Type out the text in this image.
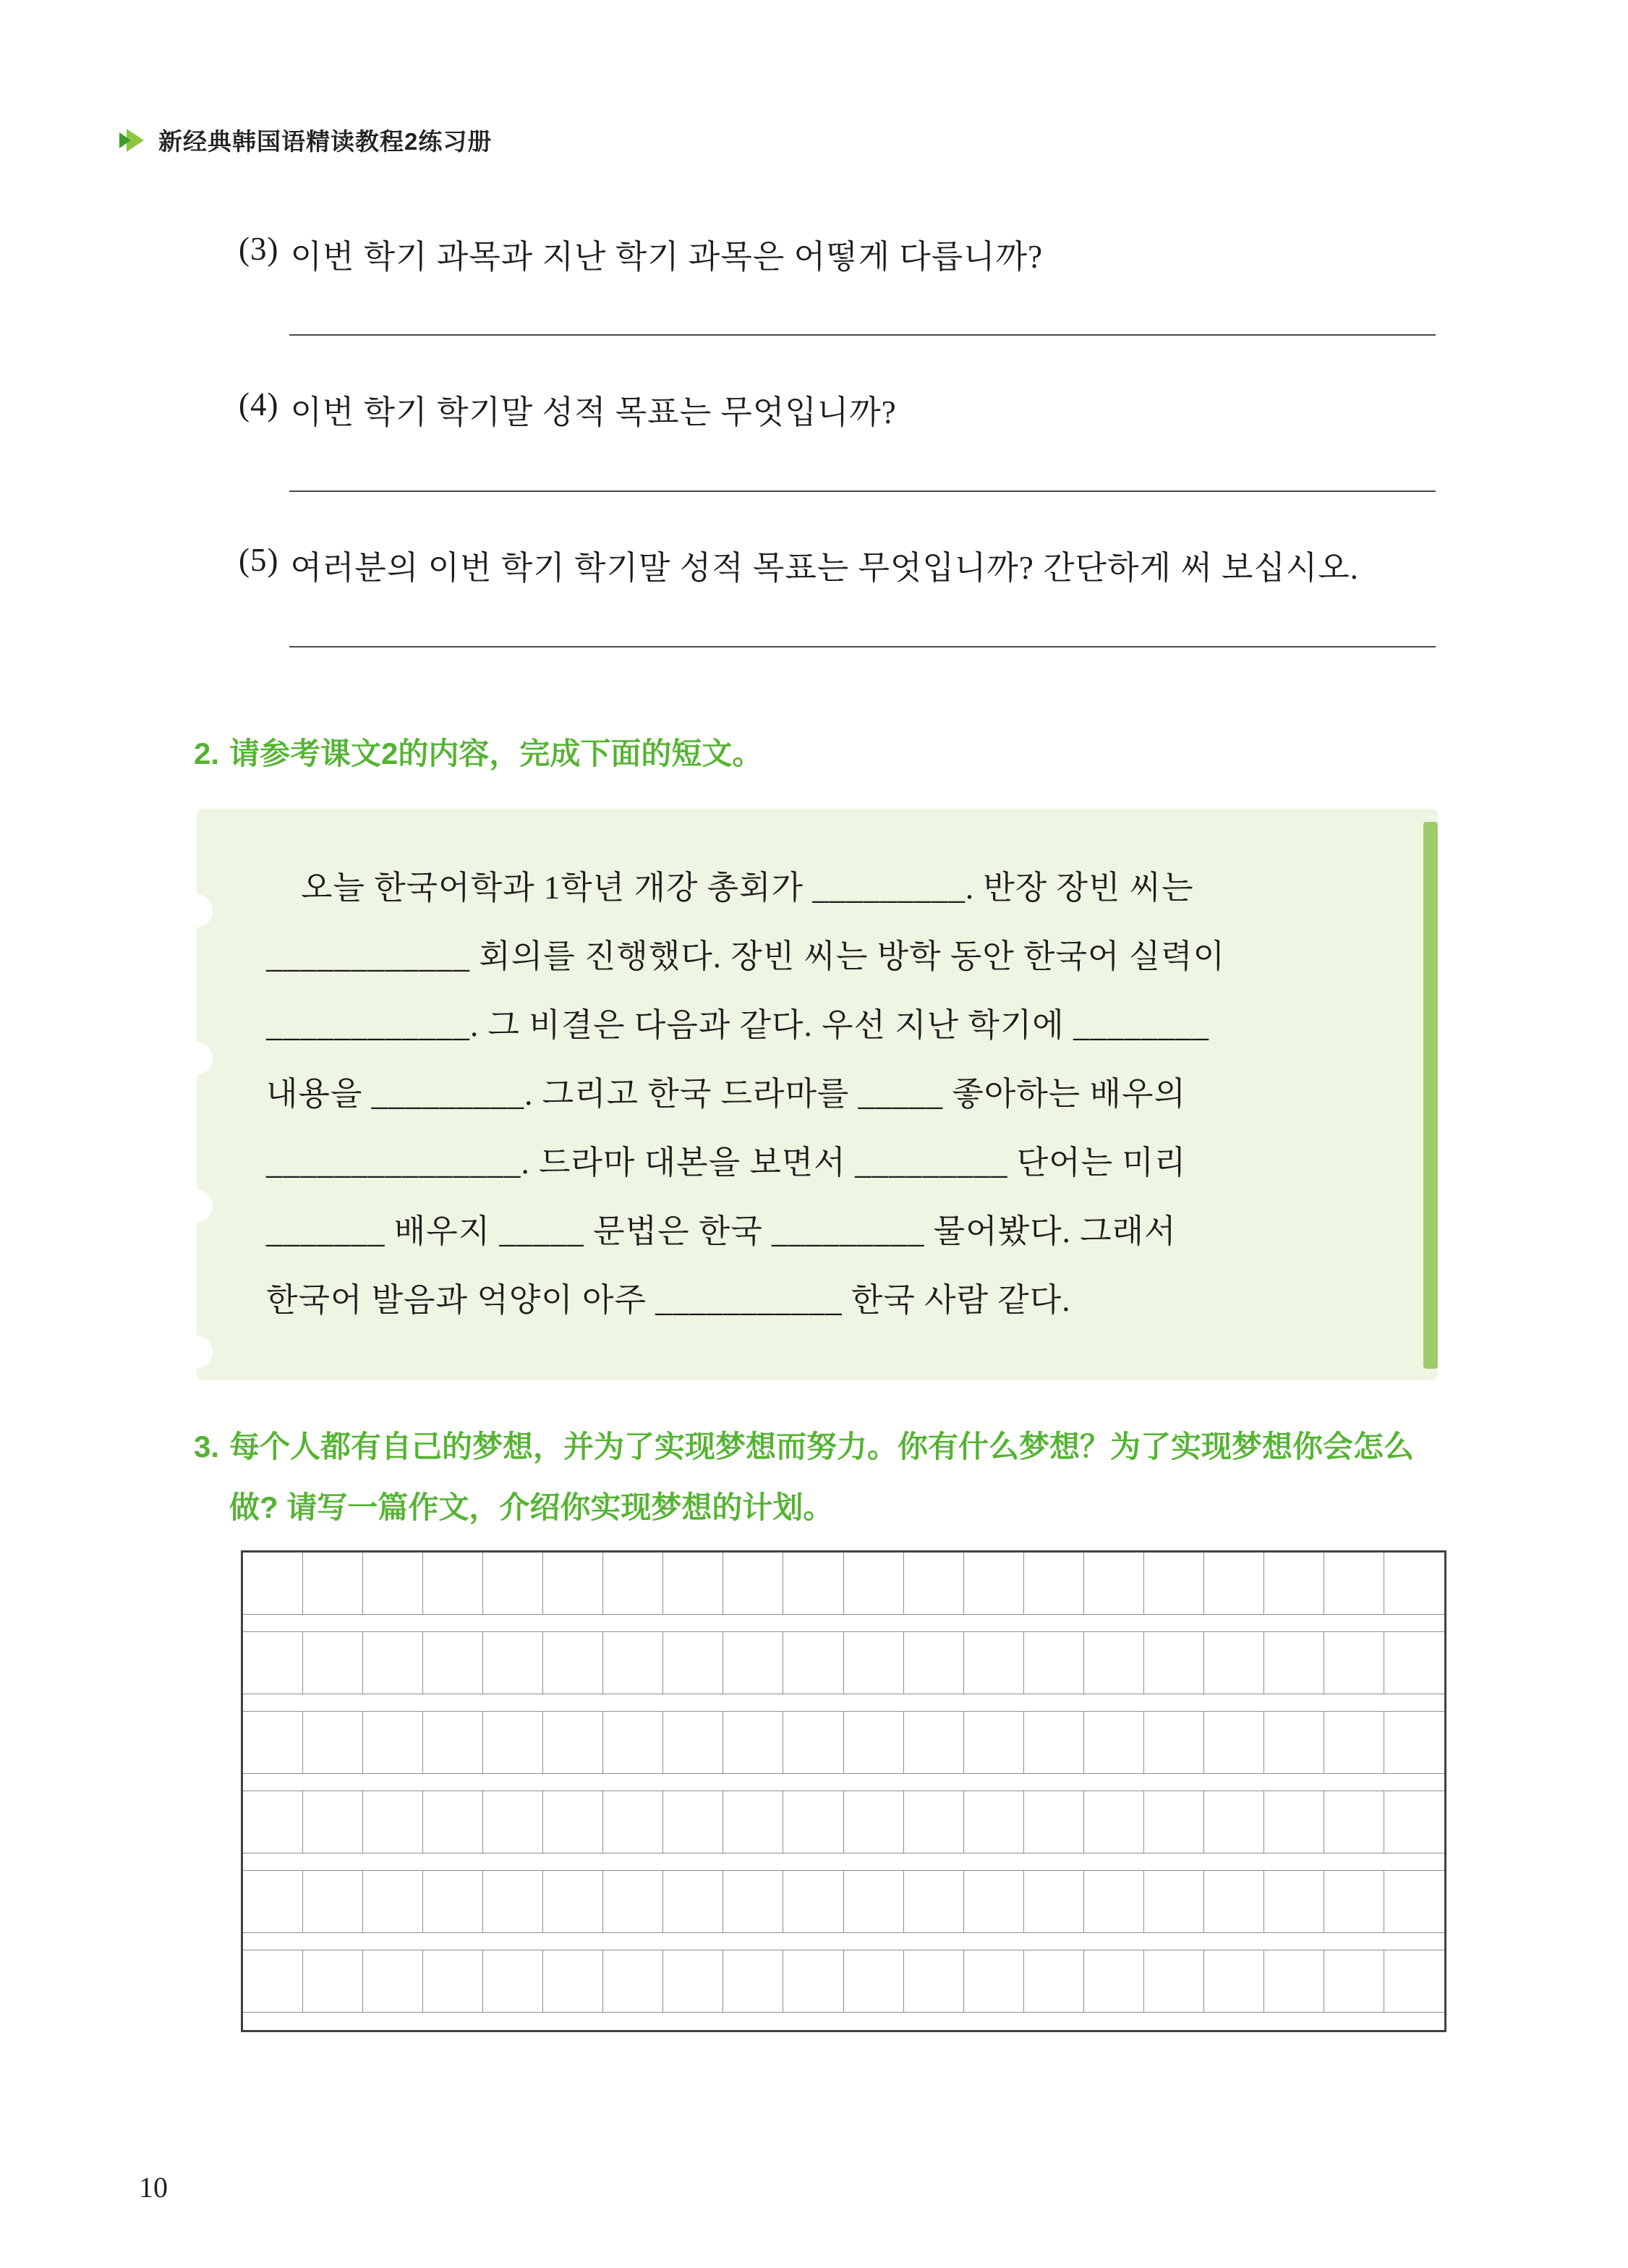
新经典韩国语精读教程2练习册
(3) 이번 학기 과목과 지난 학기 과목은 어떻게 다릅니까?
(4) 이번 학기 학기말 성적 목표는 무엇입니까?
(5) 여러분의 이번 학기 학기말 성적 목표는 무엇입니까? 간단하게 써 보십시오.
2. 请参考课文2的内容，完成下面的短文。
오늘 한국어학과 1학년 개강 총회가 _________. 반장 장빈 씨는
____________ 회의를 진행했다. 장빈 씨는 방학 동안 한국어 실력이
____________. 그 비결은 다음과 같다. 우선 지난 학기에 ________
내용을 _________. 그리고 한국 드라마를 _____ 좋아하는 배우의
_______________. 드라마 대본을 보면서 _________ 단어는 미리
_______ 배우지 _____ 문법은 한국 _________ 물어봤다. 그래서
한국어 발음과 억양이 아주 ___________ 한국 사람 같다.
3. 每个人都有自己的梦想，并为了实现梦想而努力。你有什么梦想？为了实现梦想你会怎么做? 请写一篇作文，介绍你实现梦想的计划。
10
